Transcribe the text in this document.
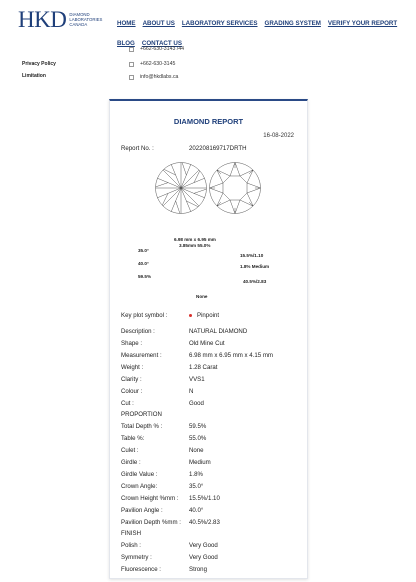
HKD DIAMOND
LABORATORIES
CANADA	HOME ABOUT US LABORATORY SERVICES GRADING SYSTEM VERIFY YOUR REPORTBLOG CONTACT US
+662-630-3143 /44
Privacy Policy	+662-630-3145
Limitation	info@hkdlabs.ca
DIAMOND REPORT
16-08-2022
Report No. :	202208169717DRTH
6.98 mm x 6.95 mm
3.85mm 55.0%
35.0°
15.5%/1.10
40.0°
1.8% Medium
59.5%
40.5%/2.83
None
Key plot symbol :	Pinpoint
Description :	NATURAL DIAMOND
Shape :	Old Mine Cut
Measurement :	6.98 mm x 6.95 mm x 4.15 mm
Weight :	1.28 Carat
Clarity :	VVS1
Colour :	N
Cut :	Good
PROPORTION
Total Depth % :	59.5%
Table %:	55.0%
Culet :	None
Girdle :	Medium
Girdle Value :	1.8%
Crown Angle:	35.0°
Crown Height %mm : 15.5%/1.10
Pavilion Angle :	40.0°
Pavilion Depth %mm : 40.5%/2.83
FINISH
Polish :	Very Good
Symmetry :	Very Good
Fluorescence :	Strong
